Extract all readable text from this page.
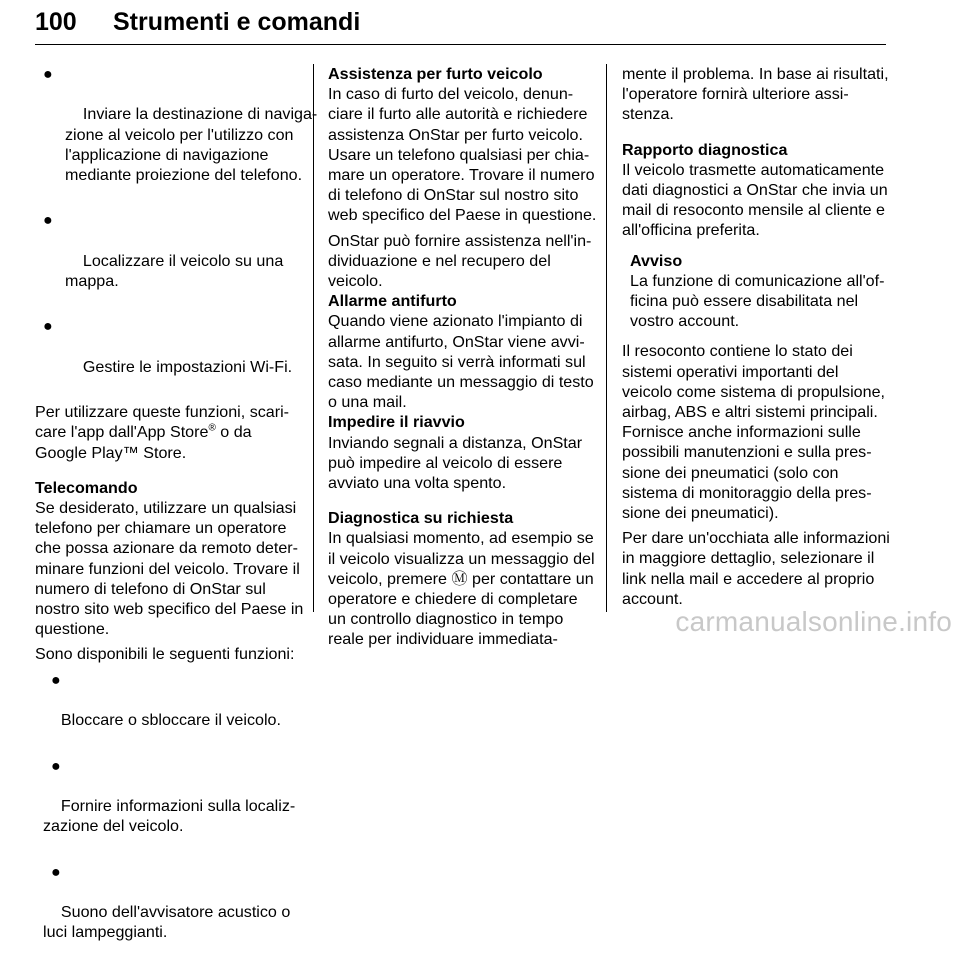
100 Strumenti e comandi

●

Inviare la destinazione di naviga-
zione al veicolo per l'utilizzo con
l'applicazione di navigazione
mediante proiezione del telefono.

●

Localizzare il veicolo su una
mappa.

●

Gestire le impostazioni Wi-Fi.

Per utilizzare queste funzioni, scari-
care l'app dall'App Store® o da
Google Play™ Store.
Telecomando
Se desiderato, utilizzare un qualsiasi
telefono per chiamare un operatore
che possa azionare da remoto deter-
minare funzioni del veicolo. Trovare il
numero di telefono di OnStar sul
nostro sito web specifico del Paese in
questione.
Sono disponibili le seguenti funzioni:

●

Bloccare o sbloccare il veicolo.

●

Fornire informazioni sulla localiz-
zazione del veicolo.

●

Suono dell'avvisatore acustico o
luci lampeggianti.

Assistenza per furto veicolo
In caso di furto del veicolo, denun-
ciare il furto alle autorità e richiedere
assistenza OnStar per furto veicolo.
Usare un telefono qualsiasi per chia-
mare un operatore. Trovare il numero
di telefono di OnStar sul nostro sito
web specifico del Paese in questione.
OnStar può fornire assistenza nell'in-
dividuazione e nel recupero del
veicolo.
Allarme antifurto
Quando viene azionato l'impianto di
allarme antifurto, OnStar viene avvi-
sata. In seguito si verrà informati sul
caso mediante un messaggio di testo
o una mail.
Impedire il riavvio
Inviando segnali a distanza, OnStar
può impedire al veicolo di essere
avviato una volta spento.
Diagnostica su richiesta
In qualsiasi momento, ad esempio se
il veicolo visualizza un messaggio del
veicolo, premere Ⓜ per contattare un
operatore e chiedere di completare
un controllo diagnostico in tempo
reale per individuare immediata-
mente il problema. In base ai risultati,
l'operatore fornirà ulteriore assi-
stenza.
Rapporto diagnostica
Il veicolo trasmette automaticamente
dati diagnostici a OnStar che invia un
mail di resoconto mensile al cliente e
all'officina preferita.
Avviso
La funzione di comunicazione all'of-
ficina può essere disabilitata nel
vostro account.
Il resoconto contiene lo stato dei
sistemi operativi importanti del
veicolo come sistema di propulsione,
airbag, ABS e altri sistemi principali.
Fornisce anche informazioni sulle
possibili manutenzioni e sulla pres-
sione dei pneumatici (solo con
sistema di monitoraggio della pres-
sione dei pneumatici).
Per dare un'occhiata alle informazioni
in maggiore dettaglio, selezionare il
link nella mail e accedere al proprio
account.
carmanualsonline.info
